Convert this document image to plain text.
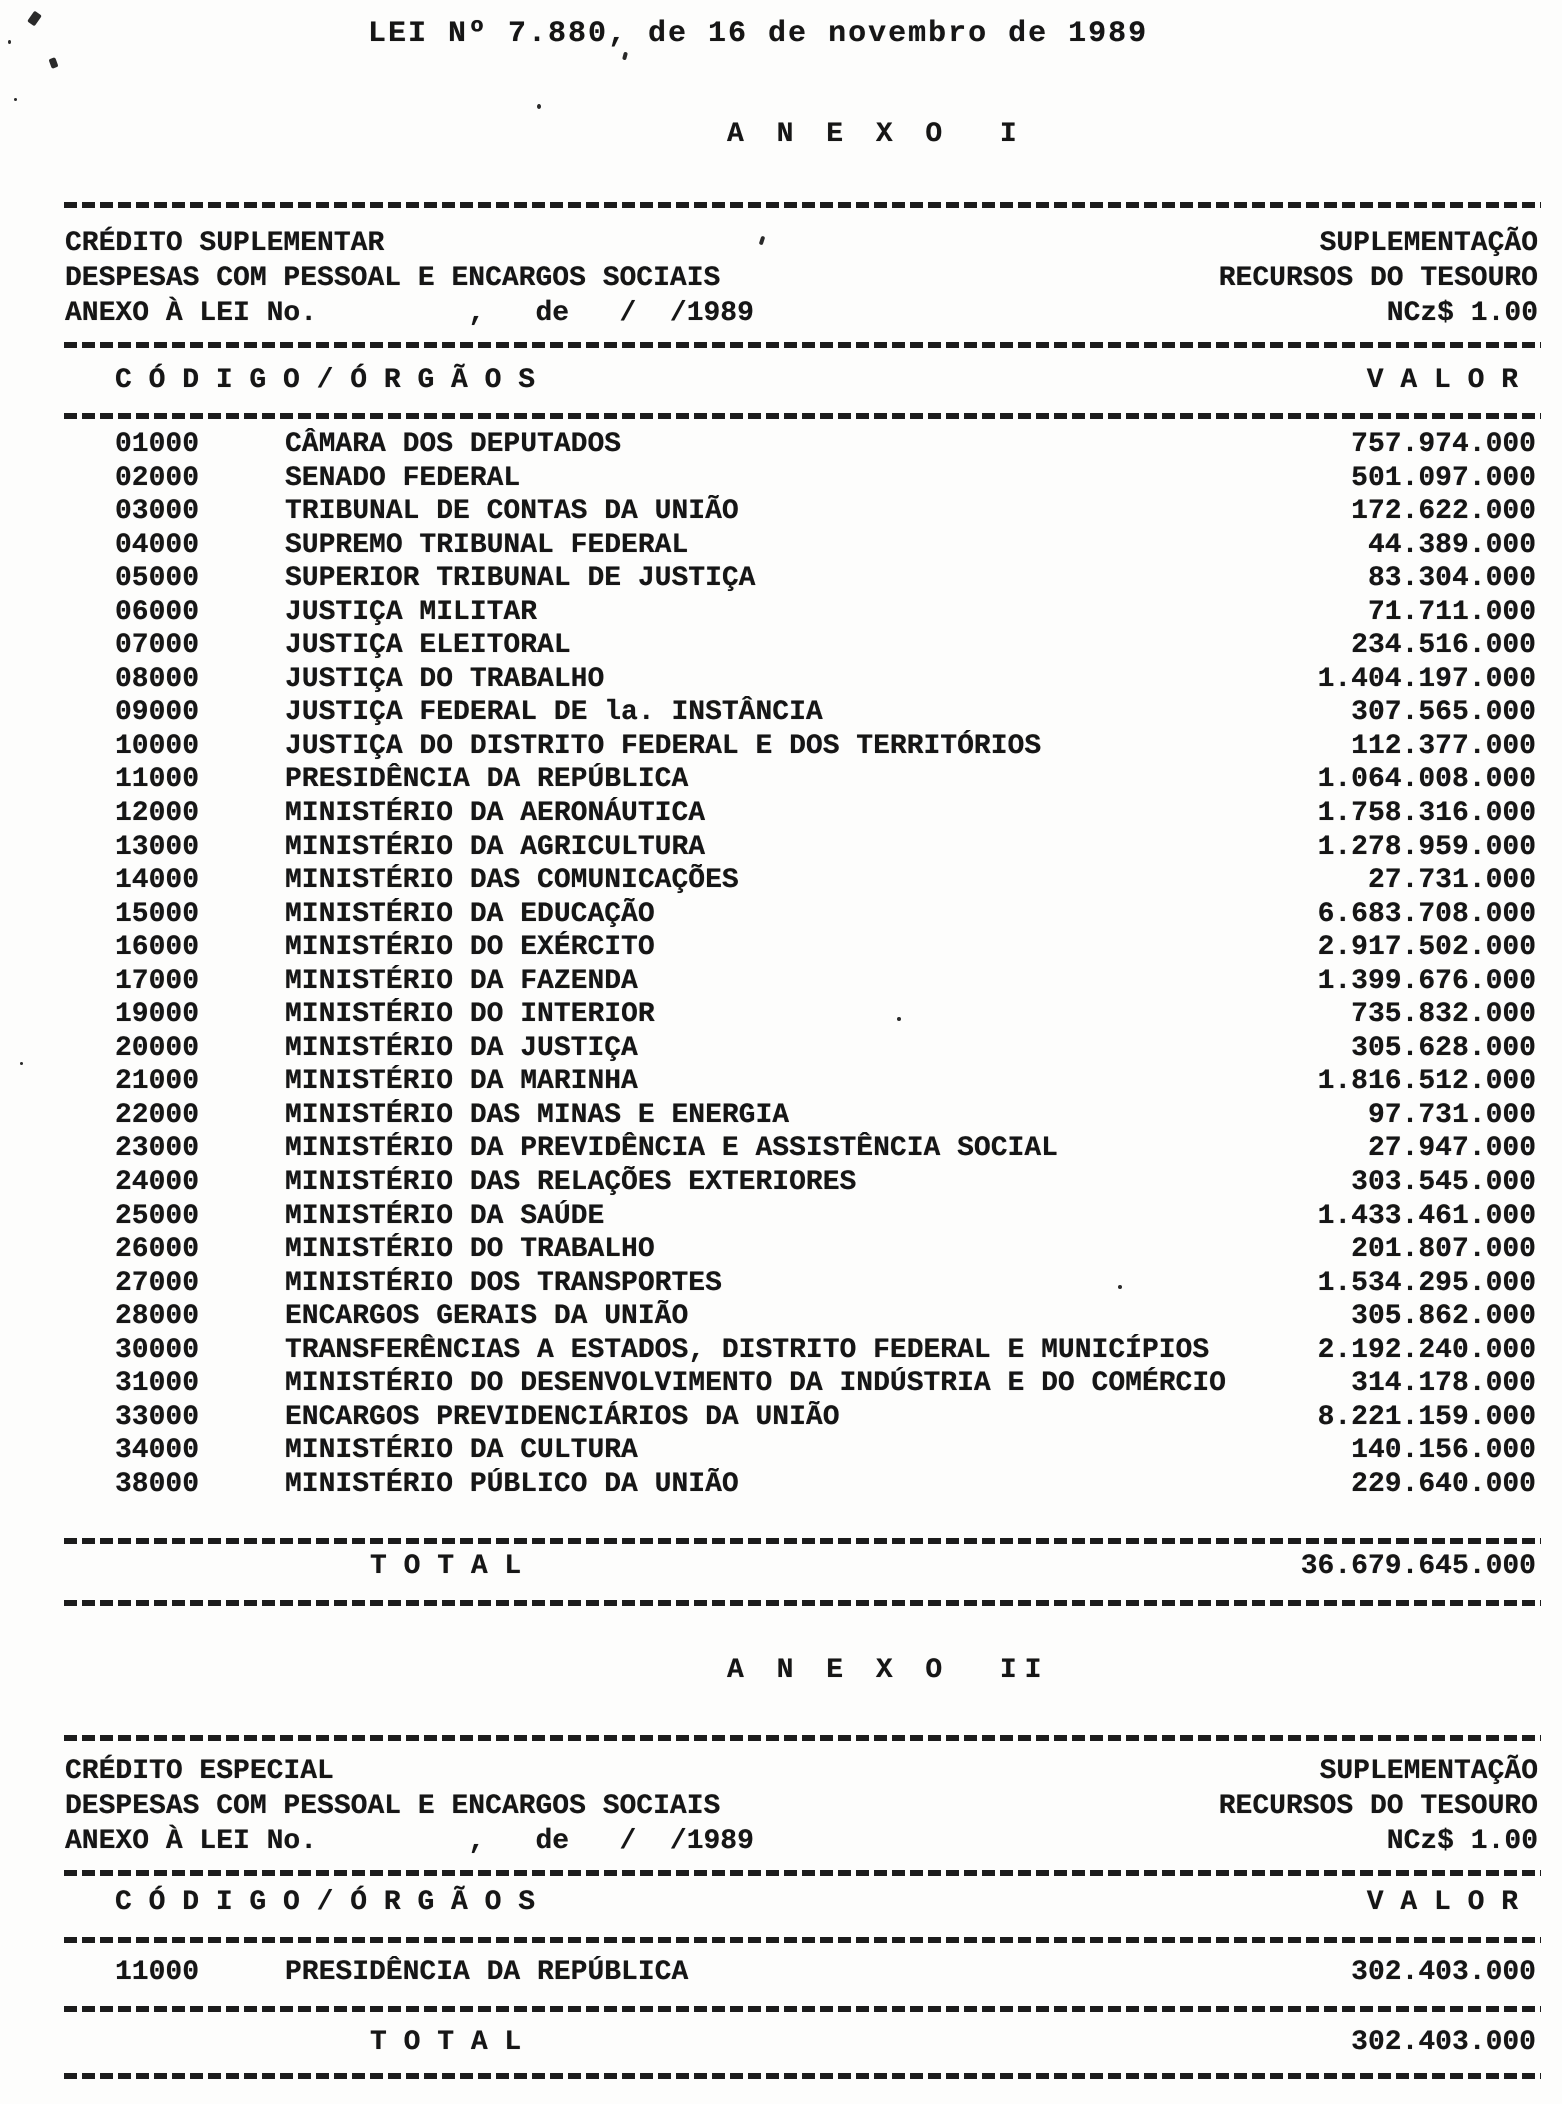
LEI Nº 7.880, de 16 de novembro de 1989
A N E X O  I
CRÉDITO SUPLEMENTAR
DESPESAS COM PESSOAL E ENCARGOS SOCIAIS
ANEXO À LEI No.         ,   de   /  /1989
SUPLEMENTAÇÃO
RECURSOS DO TESOURO
NCz$ 1.00
C Ó D I G O / Ó R G Ã O S	V A L O R
01000	CÂMARA DOS DEPUTADOS	757.974.000
02000	SENADO FEDERAL	501.097.000
03000	TRIBUNAL DE CONTAS DA UNIÃO	172.622.000
04000	SUPREMO TRIBUNAL FEDERAL	44.389.000
05000	SUPERIOR TRIBUNAL DE JUSTIÇA	83.304.000
06000	JUSTIÇA MILITAR	71.711.000
07000	JUSTIÇA ELEITORAL	234.516.000
08000	JUSTIÇA DO TRABALHO	1.404.197.000
09000	JUSTIÇA FEDERAL DE la. INSTÂNCIA	307.565.000
10000	JUSTIÇA DO DISTRITO FEDERAL E DOS TERRITÓRIOS	112.377.000
11000	PRESIDÊNCIA DA REPÚBLICA	1.064.008.000
12000	MINISTÉRIO DA AERONÁUTICA	1.758.316.000
13000	MINISTÉRIO DA AGRICULTURA	1.278.959.000
14000	MINISTÉRIO DAS COMUNICAÇÕES	27.731.000
15000	MINISTÉRIO DA EDUCAÇÃO	6.683.708.000
16000	MINISTÉRIO DO EXÉRCITO	2.917.502.000
17000	MINISTÉRIO DA FAZENDA	1.399.676.000
19000	MINISTÉRIO DO INTERIOR	735.832.000
20000	MINISTÉRIO DA JUSTIÇA	305.628.000
21000	MINISTÉRIO DA MARINHA	1.816.512.000
22000	MINISTÉRIO DAS MINAS E ENERGIA	97.731.000
23000	MINISTÉRIO DA PREVIDÊNCIA E ASSISTÊNCIA SOCIAL	27.947.000
24000	MINISTÉRIO DAS RELAÇÕES EXTERIORES	303.545.000
25000	MINISTÉRIO DA SAÚDE	1.433.461.000
26000	MINISTÉRIO DO TRABALHO	201.807.000
27000	MINISTÉRIO DOS TRANSPORTES	1.534.295.000
28000	ENCARGOS GERAIS DA UNIÃO	305.862.000
30000	TRANSFERÊNCIAS A ESTADOS, DISTRITO FEDERAL E MUNICÍPIOS	2.192.240.000
31000	MINISTÉRIO DO DESENVOLVIMENTO DA INDÚSTRIA E DO COMÉRCIO	314.178.000
33000	ENCARGOS PREVIDENCIÁRIOS DA UNIÃO	8.221.159.000
34000	MINISTÉRIO DA CULTURA	140.156.000
38000	MINISTÉRIO PÚBLICO DA UNIÃO	229.640.000
T O T A L	36.679.645.000
A N E X O  II
CRÉDITO ESPECIAL
DESPESAS COM PESSOAL E ENCARGOS SOCIAIS
ANEXO À LEI No.         ,   de   /  /1989
SUPLEMENTAÇÃO
RECURSOS DO TESOURO
NCz$ 1.00
C Ó D I G O / Ó R G Ã O S	V A L O R
11000	PRESIDÊNCIA DA REPÚBLICA	302.403.000
T O T A L	302.403.000
